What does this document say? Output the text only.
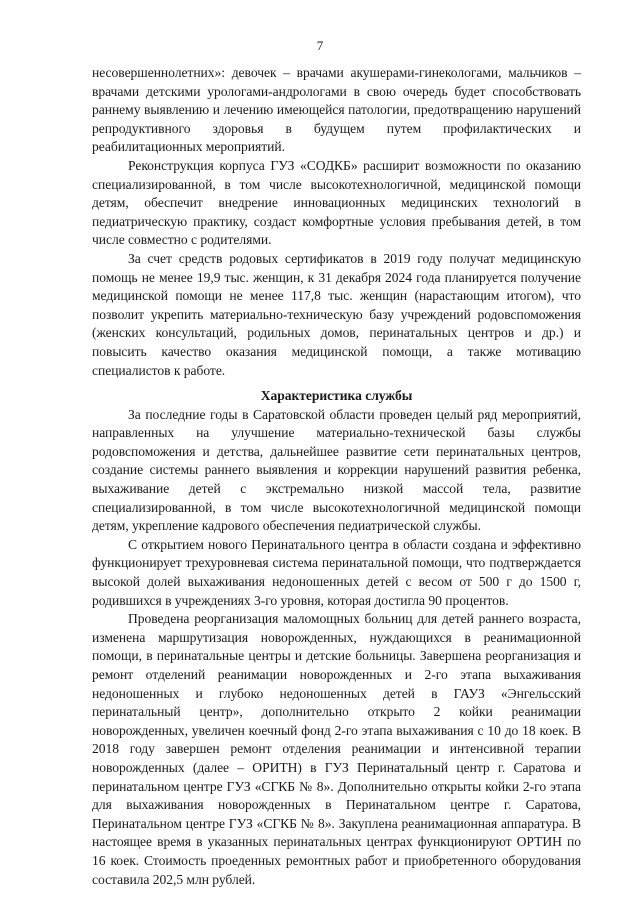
7

несовершеннолетних»: девочек – врачами акушерами-гинекологами, мальчиков – врачами детскими урологами-андрологами в свою очередь будет способствовать раннему выявлению и лечению имеющейся патологии, предотвращению нарушений репродуктивного здоровья в будущем путем профилактических и реабилитационных мероприятий.

Реконструкция корпуса ГУЗ «СОДКБ» расширит возможности по оказанию специализированной, в том числе высокотехнологичной, медицинской помощи детям, обеспечит внедрение инновационных медицинских технологий в педиатрическую практику, создаст комфортные условия пребывания детей, в том числе совместно с родителями.

За счет средств родовых сертификатов в 2019 году получат медицинскую помощь не менее 19,9 тыс. женщин, к 31 декабря 2024 года планируется получение медицинской помощи не менее 117,8 тыс. женщин (нарастающим итогом), что позволит укрепить материально-техническую базу учреждений родовспоможения (женских консультаций, родильных домов, перинатальных центров и др.) и повысить качество оказания медицинской помощи, а также мотивацию специалистов к работе.

Характеристика службы

За последние годы в Саратовской области проведен целый ряд мероприятий, направленных на улучшение материально-технической базы службы родовспоможения и детства, дальнейшее развитие сети перинатальных центров, создание системы раннего выявления и коррекции нарушений развития ребенка, выхаживание детей с экстремально низкой массой тела, развитие специализированной, в том числе высокотехнологичной медицинской помощи детям, укрепление кадрового обеспечения педиатрической службы.

С открытием нового Перинатального центра в области создана и эффективно функционирует трехуровневая система перинатальной помощи, что подтверждается высокой долей выхаживания недоношенных детей с весом от 500 г до 1500 г, родившихся в учреждениях 3-го уровня, которая достигла 90 процентов.

Проведена реорганизация маломощных больниц для детей раннего возраста, изменена маршрутизация новорожденных, нуждающихся в реанимационной помощи, в перинатальные центры и детские больницы. Завершена реорганизация и ремонт отделений реанимации новорожденных и 2-го этапа выхаживания недоношенных и глубоко недоношенных детей в ГАУЗ «Энгельсский перинатальный центр», дополнительно открыто 2 койки реанимации новорожденных, увеличен коечный фонд 2-го этапа выхаживания с 10 до 18 коек. В 2018 году завершен ремонт отделения реанимации и интенсивной терапии новорожденных (далее – ОРИТН) в ГУЗ Перинатальный центр г. Саратова и перинатальном центре ГУЗ «СГКБ № 8». Дополнительно открыты койки 2-го этапа для выхаживания новорожденных в Перинатальном центре г. Саратова, Перинатальном центре ГУЗ «СГКБ № 8». Закуплена реанимационная аппаратура. В настоящее время в указанных перинатальных центрах функционируют ОРТИН по 16 коек. Стоимость проеденных ремонтных работ и приобретенного оборудования составила 202,5 млн рублей.
